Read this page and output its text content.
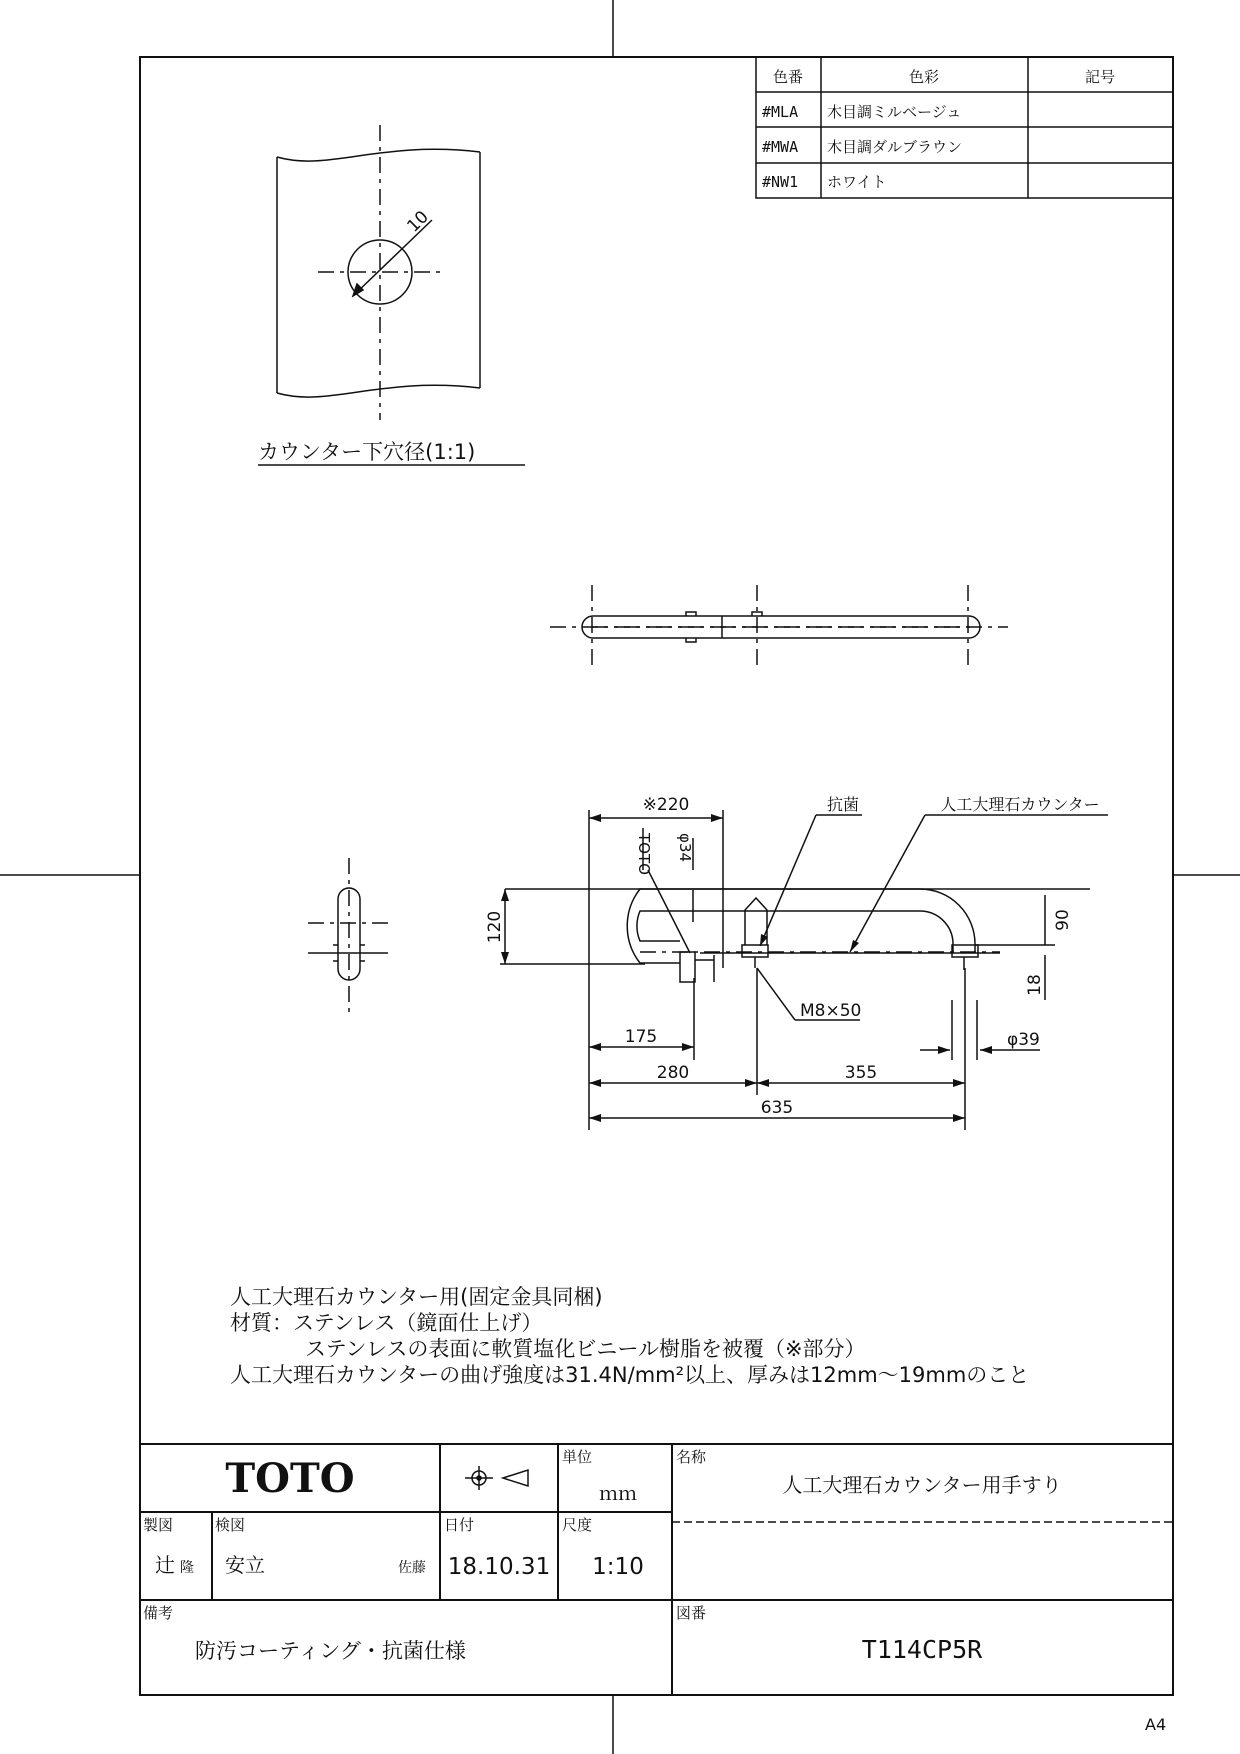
色番	色彩	記号
#MLA 木目調ミルベージュ
#MWA 木目調ダルブラウン
#NW1 ホワイト
10
カウンター下穴径(1:1)
※220
TOTO φ34
抗菌	人工大理石カウンター
120	90
18
M8×50
175	φ39
280	355
635
人工大理石カウンター用(固定金具同梱)
材質：ステンレス（鏡面仕上げ）
ステンレスの表面に軟質塩化ビニール樹脂を被覆（※部分）
人工大理石カウンターの曲げ強度は31.4N/mm²以上、厚みは12mm～19mmのこと
TOTO	単位
ｍｍ
名称
人工大理石カウンター用手すり
製図
辻 隆
検図
安立	佐藤
日付
18.10.31
尺度
1:10
備考
防汚コーティング・抗菌仕様
図番
T114CP5R
A4
